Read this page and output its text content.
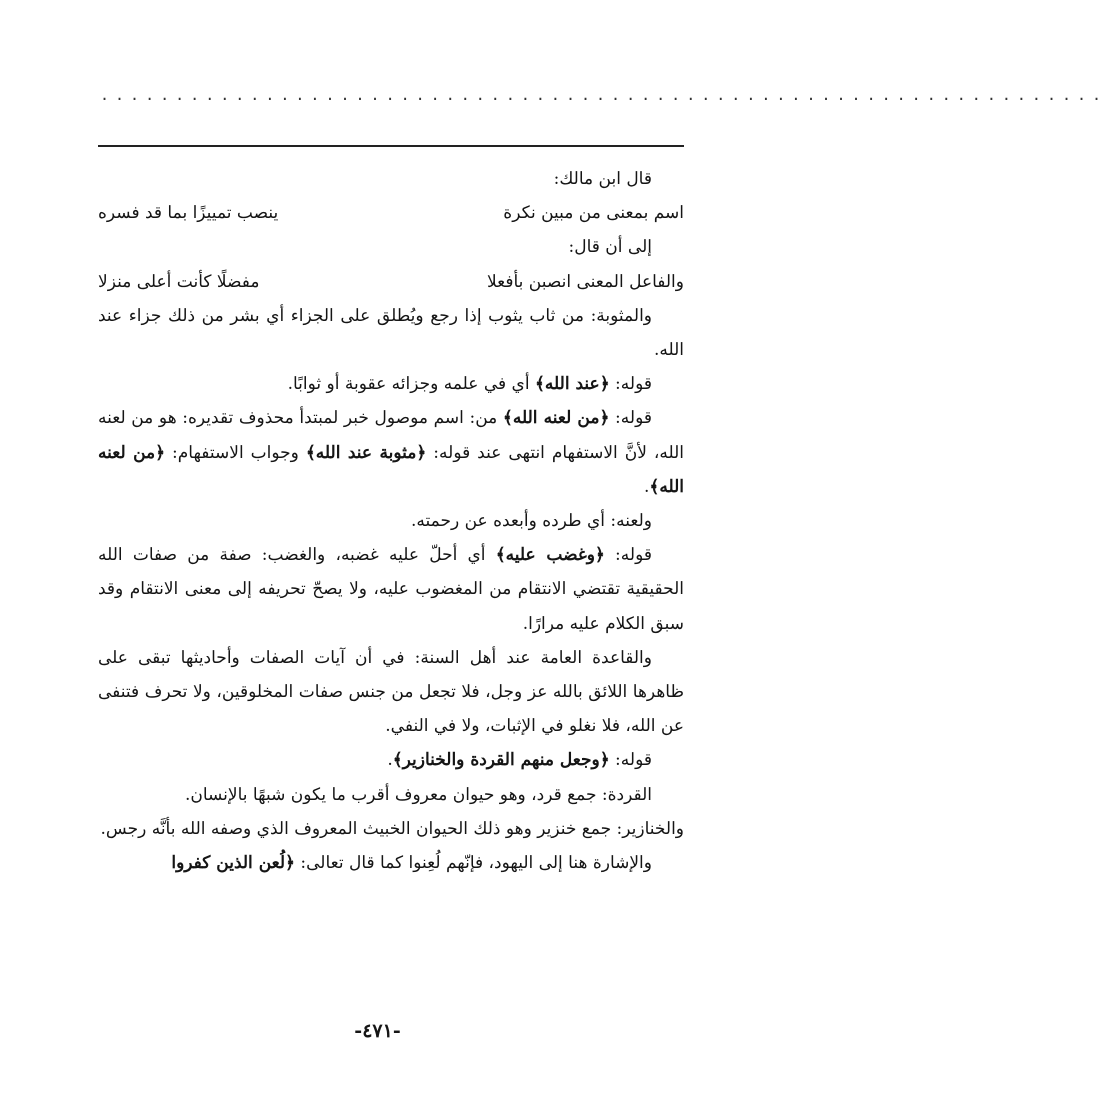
...................................................................

قال ابن مالك:

اسم بمعنى من مبين نكرة
ينصب تمييزًا بما قد فسره

إلى أن قال:

والفاعل المعنى انصبن بأفعلا
مفضلًا كأنت أعلى منزلا

والمثوبة: من ثاب يثوب إذا رجع ويُطلق على الجزاء أي بشر من ذلك جزاء عند الله.

قوله: ﴿عند الله﴾ أي في علمه وجزائه عقوبة أو ثوابًا.

قوله: ﴿من لعنه الله﴾ من: اسم موصول خبر لمبتدأ محذوف تقديره: هو من لعنه الله، لأنَّ الاستفهام انتهى عند قوله: ﴿مثوبة عند الله﴾ وجواب الاستفهام: ﴿من لعنه الله﴾.

ولعنه: أي طرده وأبعده عن رحمته.

قوله: ﴿وغضب عليه﴾ أي أحلّ عليه غضبه، والغضب: صفة من صفات الله الحقيقية تقتضي الانتقام من المغضوب عليه، ولا يصحّ تحريفه إلى معنى الانتقام وقد سبق الكلام عليه مرارًا.

والقاعدة العامة عند أهل السنة: في أن آيات الصفات وأحاديثها تبقى على ظاهرها اللائق بالله عز وجل، فلا تجعل من جنس صفات المخلوقين، ولا تحرف فتنفى عن الله، فلا نغلو في الإثبات، ولا في النفي.

قوله: ﴿وجعل منهم القردة والخنازير﴾.

القردة: جمع قرد، وهو حيوان معروف أقرب ما يكون شبهًا بالإنسان.

والخنازير: جمع خنزير وهو ذلك الحيوان الخبيث المعروف الذي وصفه الله بأنَّه رجس.

والإشارة هنا إلى اليهود، فإنّهم لُعِنوا كما قال تعالى: ﴿لُعن الذين كفروا

-٤٧١-
